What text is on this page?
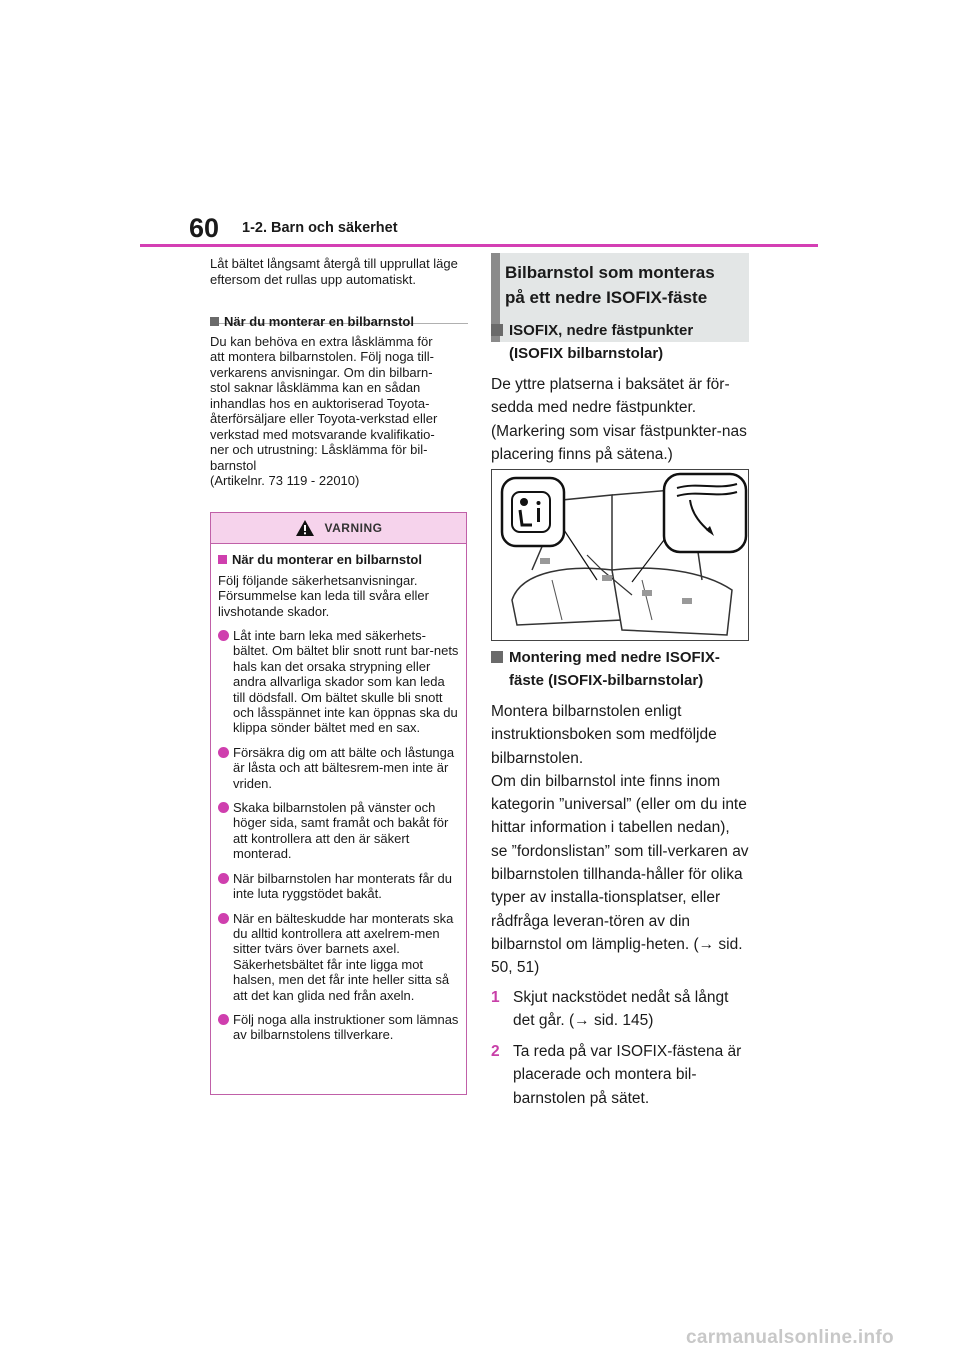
60 1-2. Barn och säkerhet

Låt bältet långsamt återgå till upprullat läge eftersom det rullas upp automatiskt.

När du monterar en bilbarnstol

Du kan behöva en extra låsklämma för
att montera bilbarnstolen. Följ noga till-
verkarens anvisningar. Om din bilbarn-
stol saknar låsklämma kan en sådan
inhandlas hos en auktoriserad Toyota-
återförsäljare eller Toyota-verkstad eller
verkstad med motsvarande kvalifikatio-
ner och utrustning: Låsklämma för bil-
barnstol
(Artikelnr. 73 119 - 22010)
VARNING
När du monterar en bilbarnstol
Följ följande säkerhetsanvisningar. Försummelse kan leda till svåra eller livshotande skador.
Låt inte barn leka med säkerhets-bältet. Om bältet blir snott runt bar-nets hals kan det orsaka strypning eller andra allvarliga skador som kan leda till dödsfall. Om bältet skulle bli snott och låsspännet inte kan öppnas ska du klippa sönder bältet med en sax.
Försäkra dig om att bälte och låstunga är låsta och att bältesrem-men inte är vriden.
Skaka bilbarnstolen på vänster och höger sida, samt framåt och bakåt för att kontrollera att den är säkert monterad.
När bilbarnstolen har monterats får du inte luta ryggstödet bakåt.
När en bälteskudde har monterats ska du alltid kontrollera att axelrem-men sitter tvärs över barnets axel. Säkerhetsbältet får inte ligga mot halsen, men det får inte heller sitta så att det kan glida ned från axeln.
Följ noga alla instruktioner som lämnas av bilbarnstolens tillverkare.
Bilbarnstol som monteras på ett nedre ISOFIX-fäste
ISOFIX, nedre fästpunkter (ISOFIX bilbarnstolar)

De yttre platserna i baksätet är för-sedda med nedre fästpunkter. (Markering som visar fästpunkter-nas placering finns på sätena.)

Montering med nedre ISOFIX-fäste (ISOFIX-bilbarnstolar)

Montera bilbarnstolen enligt instruktionsboken som medföljde bilbarnstolen.

Om din bilbarnstol inte finns inom kategorin ”universal” (eller om du inte hittar information i tabellen nedan), se ”fordonslistan” som till-verkaren av bilbarnstolen tillhanda-håller för olika typer av installa-tionsplatser, eller rådfråga leveran-tören av din bilbarnstol om lämplig-heten. (→ sid. 50, 51)

1 Skjut nackstödet nedåt så långt det går. (→ sid. 145)
2 Ta reda på var ISOFIX-fästena är placerade och montera bil-barnstolen på sätet.
carmanualsonline.info
